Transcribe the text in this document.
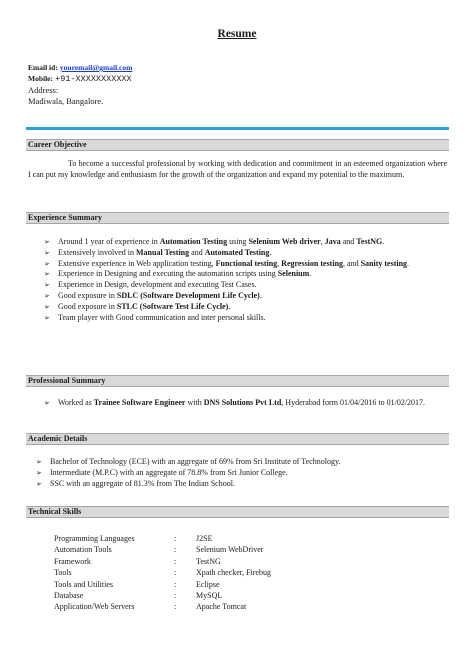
Resume
Email id: youremail@gmail.com
Mobile: +91-XXXXXXXXXXX
Address:
Madiwala, Bangalore.
Career Objective

To become a successful professional by working with dedication and commitment in an esteemed organization where I can put my knowledge and enthusiasm for the growth of the organization and expand my potential to the maximum.

Experience Summary
➢ Around 1 year of experience in Automation Testing using Selenium Web driver, Java and TestNG.
➢ Extensively involved in Manual Testing and Automated Testing.
➢ Extensive experience in Web application testing, Functional testing, Regression testing, and Sanity testing.
➢ Experience in Designing and executing the automation scripts using Selenium.
➢ Experience in Design, development and executing Test Cases.
➢ Good exposure in SDLC (Software Development Life Cycle).
➢ Good exposure in STLC (Software Test Life Cycle).
➢ Team player with Good communication and inter personal skills.
Professional Summary
➢ Worked as Trainee Software Engineer with DNS Solutions Pvt Ltd, Hyderabad form 01/04/2016 to 01/02/2017.
Academic Details
➢ Bachelor of Technology (ECE) with an aggregate of 69% from Sri Institute of Technology.
➢ Intermediate (M.P.C) with an aggregate of 78.8% from Sri Junior College.
➢ SSC with an aggregate of 81.3% from The Indian School.
Technical Skills
Programming Languages	:	J2SE
Automation Tools	:	Selenium WebDriver
Framework	:	TestNG
Tools	:	Xpath checker, Firebug
Tools and Utilities	:	Eclipse
Database	:	MySQL
Application/Web Servers	:	Apache Tomcat
